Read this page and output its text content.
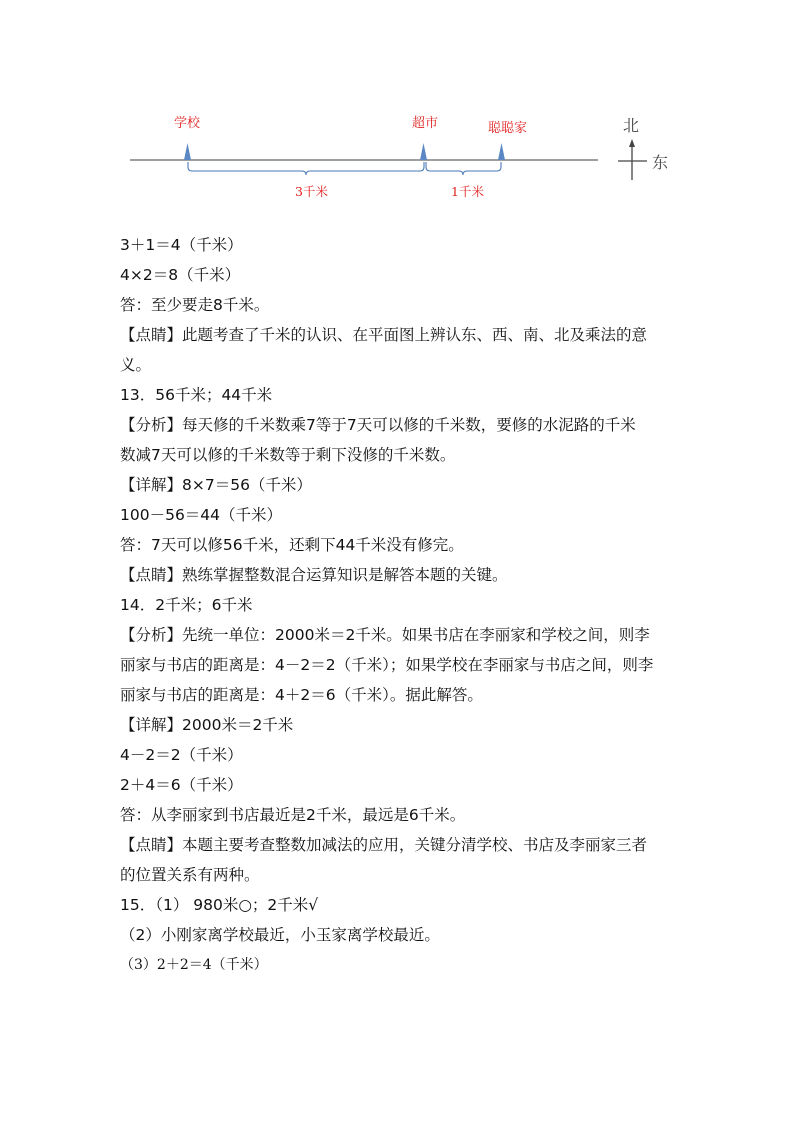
学校	超市	聪聪家
3千米	1千米
北
东

3＋1＝4（千米）

4×2＝8（千米）

答：至少要走8千米。

【点睛】此题考查了千米的认识、在平面图上辨认东、西、南、北及乘法的意

义。

13．56千米；44千米

【分析】每天修的千米数乘7等于7天可以修的千米数，要修的水泥路的千米

数减7天可以修的千米数等于剩下没修的千米数。

【详解】8×7＝56（千米）

100－56＝44（千米）

答：7天可以修56千米，还剩下44千米没有修完。

【点睛】熟练掌握整数混合运算知识是解答本题的关键。

14．2千米；6千米

【分析】先统一单位：2000米＝2千米。如果书店在李丽家和学校之间，则李

丽家与书店的距离是：4－2＝2（千米）；如果学校在李丽家与书店之间，则李

丽家与书店的距离是：4＋2＝6（千米）。据此解答。

【详解】2000米＝2千米

4－2＝2（千米）

2＋4＝6（千米）

答：从李丽家到书店最近是2千米，最远是6千米。

【点睛】本题主要考查整数加减法的应用，关键分清学校、书店及李丽家三者

的位置关系有两种。

15．（1） 980米○；2千米√

（2）小刚家离学校最近，小玉家离学校最近。

（3）2＋2＝4（千米）
